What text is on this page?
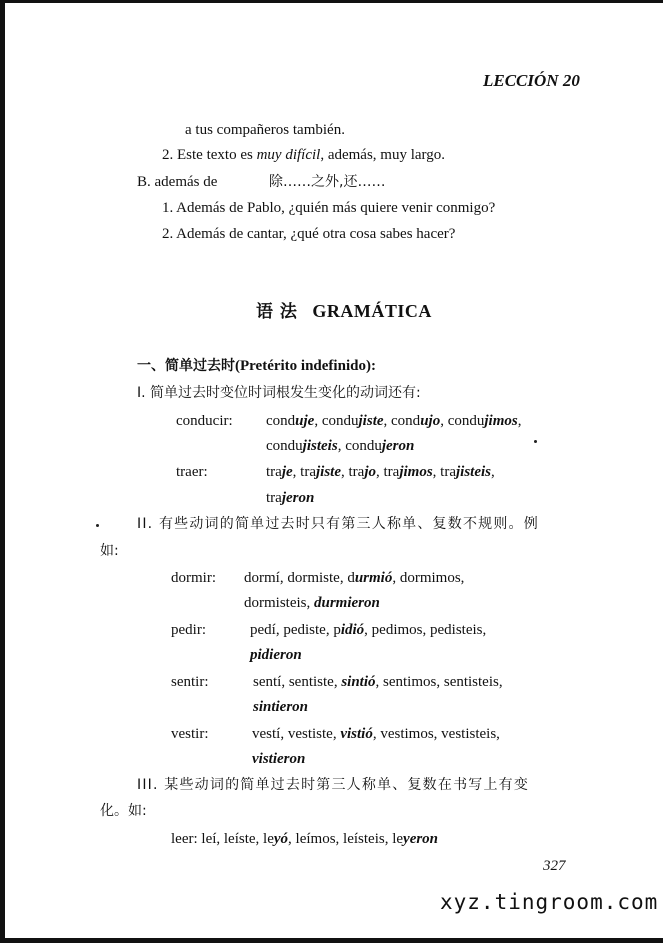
LECCIÓN 20
a tus compañeros también.
2. Este texto es muy difícil, además, muy largo.
B. además de	除……之外,还……
1. Además de Pablo, ¿quién más quiere venir conmigo?
2. Además de cantar, ¿qué otra cosa sabes hacer?
语 法 GRAMÁTICA
一、简单过去时(Pretérito indefinido):
I. 简单过去时变位时词根发生变化的动词还有:
conducir: conduje, condujiste, condujo, condujimos,
condujisteis, condujeron
traer:	traje, trajiste, trajo, trajimos, trajisteis,
trajeron
II. 有些动词的简单过去时只有第三人称单、复数不规则。例
如:
dormir: dormí, dormiste, durmió, dormimos,
dormisteis, durmieron
pedir:	pedí, pediste, pidió, pedimos, pedisteis,
pidieron
sentir:	sentí, sentiste, sintió, sentimos, sentisteis,
sintieron
vestir:	vestí, vestiste, vistió, vestimos, vestisteis,
vistieron
III. 某些动词的简单过去时第三人称单、复数在书写上有变
化。如:
leer: leí, leíste, leyó, leímos, leísteis, leyeron
327
xyz.tingroom.com
